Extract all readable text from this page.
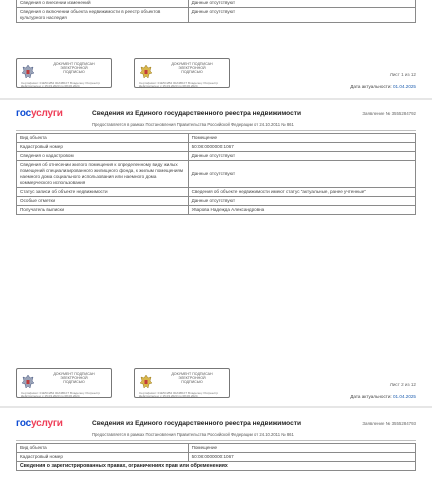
Сведения о внесении изменений	Данные отсутствуют
Сведения о включении объекта недвижимости в реестр объектов культурного наследия	Данные отсутствуют
ДОКУМЕНТ ПОДПИСАН
ЭЛЕКТРОННОЙ
ПОДПИСЬЮ
Сертификат: 01E5C2B4 00A3B1F7 Владелец: Росреестр Действителен: с 15.03.2023 по 08.06.2024
ДОКУМЕНТ ПОДПИСАН
ЭЛЕКТРОННОЙ
ПОДПИСЬЮ
Сертификат: 01E5C2B4 00A3B1F7 Владелец: Росреестр Действителен: с 15.03.2023 по 08.06.2024
Лист 1 из 12
Дата актуальности: 01.04.2025
госуслуги	Сведения из Единого государственного реестра недвижимости
Предоставляется в рамках Постановления Правительства Российской Федерации от 24.10.2011 № 861
Заявление № 3555284792
Вид объекта	Помещение
Кадастровый номер	50:08:0000000:1067
Сведения о кадастровом	Данные отсутствуют
Сведения об отнесении жилого помещения к определенному виду жилых помещений специализированного жилищного фонда, к жилым помещениям наемного дома социального использования или наемного дома коммерческого использования	Данные отсутствуют
Статус записи об объекте недвижимости	Сведения об объекте недвижимости имеют статус "актуальные, ранее учтенные"
Особые отметки	Данные отсутствуют
Получатель выписки	Уварова Надежда Александровна
ДОКУМЕНТ ПОДПИСАН
ЭЛЕКТРОННОЙ
ПОДПИСЬЮ
Сертификат: 01E5C2B4 00A3B1F7 Владелец: Росреестр Действителен: с 15.03.2023 по 08.06.2024
ДОКУМЕНТ ПОДПИСАН
ЭЛЕКТРОННОЙ
ПОДПИСЬЮ
Сертификат: 01E5C2B4 00A3B1F7 Владелец: Росреестр Действителен: с 15.03.2023 по 08.06.2024
Лист 2 из 12
Дата актуальности: 01.04.2025
госуслуги	Сведения из Единого государственного реестра недвижимости
Предоставляется в рамках Постановления Правительства Российской Федерации от 24.10.2011 № 861
Заявление № 3555284793
Вид объекта	Помещение
Кадастровый номер	50:08:0000000:1067
Сведения о зарегистрированных правах, ограничениях прав или обременениях	
